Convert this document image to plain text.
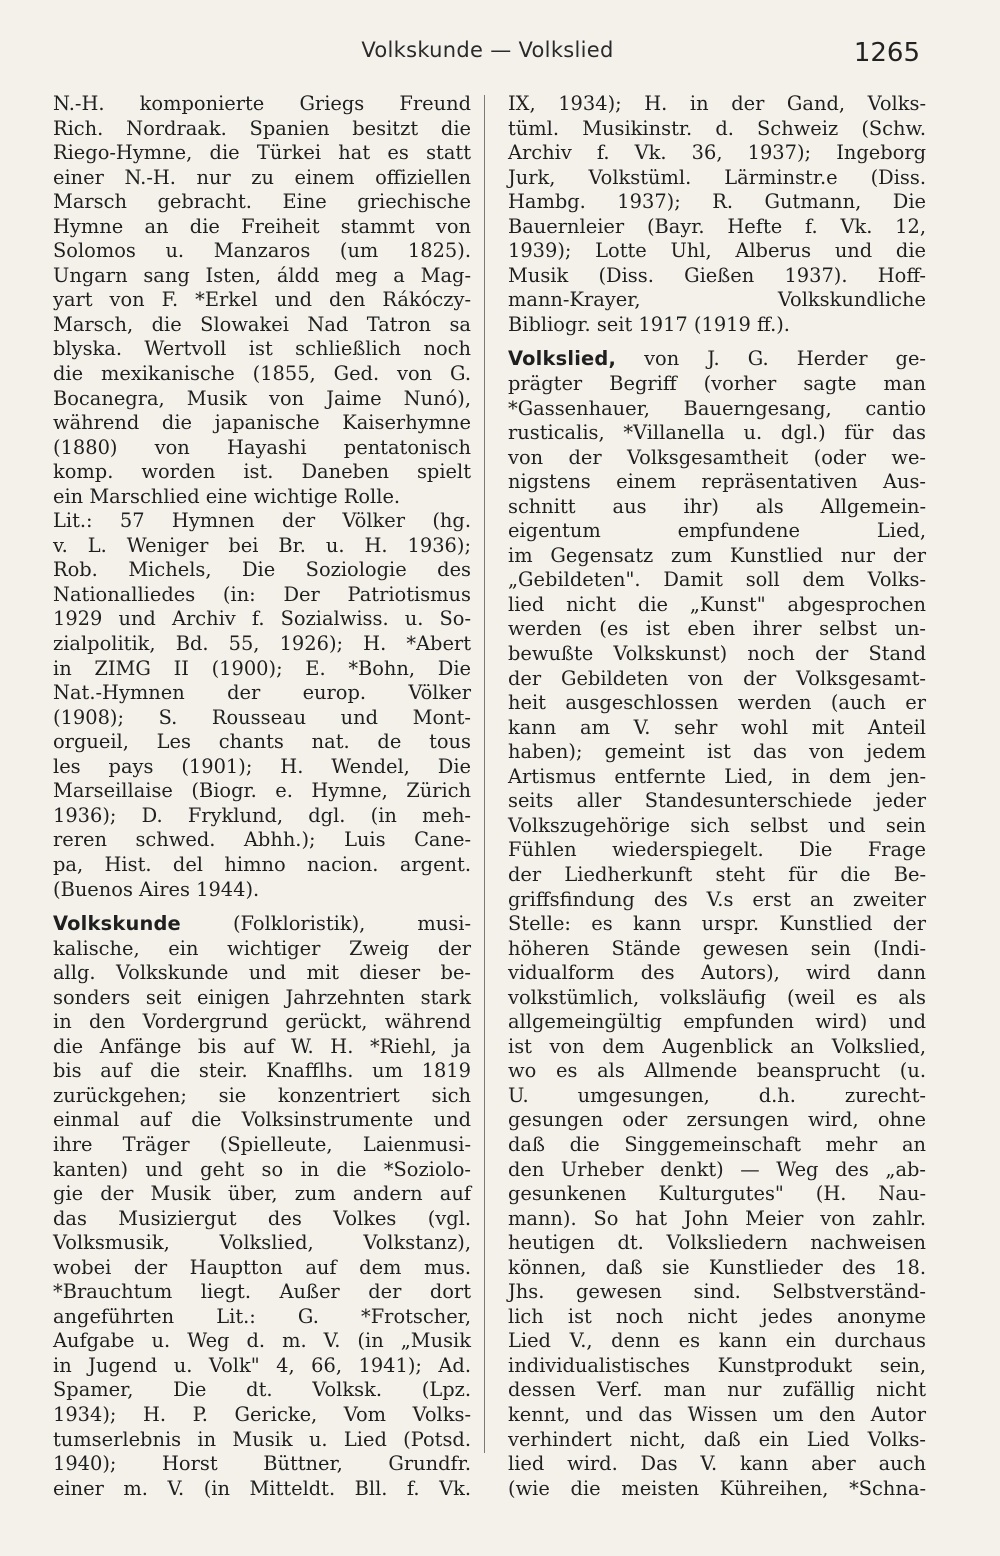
Volkskunde — Volkslied	1265
N.-H. komponierte Griegs Freund
Rich. Nordraak. Spanien besitzt die
Riego-Hymne, die Türkei hat es statt
einer N.-H. nur zu einem offiziellen
Marsch gebracht. Eine griechische
Hymne an die Freiheit stammt von
Solomos u. Manzaros (um 1825).
Ungarn sang Isten, áldd meg a Mag-
yart von F. *Erkel und den Rákóczy-
Marsch, die Slowakei Nad Tatron sa
blyska. Wertvoll ist schließlich noch
die mexikanische (1855, Ged. von G.
Bocanegra, Musik von Jaime Nunó),
während die japanische Kaiserhymne
(1880) von Hayashi pentatonisch
komp. worden ist. Daneben spielt
ein Marschlied eine wichtige Rolle.
Lit.: 57 Hymnen der Völker (hg.
v. L. Weniger bei Br. u. H. 1936);
Rob. Michels, Die Soziologie des
Nationalliedes (in: Der Patriotismus
1929 und Archiv f. Sozialwiss. u. So-
zialpolitik, Bd. 55, 1926); H. *Abert
in ZIMG II (1900); E. *Bohn, Die
Nat.-Hymnen der europ. Völker
(1908); S. Rousseau und Mont-
orgueil, Les chants nat. de tous
les pays (1901); H. Wendel, Die
Marseillaise (Biogr. e. Hymne, Zürich
1936); D. Fryklund, dgl. (in meh-
reren schwed. Abhh.); Luis Cane-
pa, Hist. del himno nacion. argent.
(Buenos Aires 1944).
Volkskunde (Folkloristik), musi-
kalische, ein wichtiger Zweig der
allg. Volkskunde und mit dieser be-
sonders seit einigen Jahrzehnten stark
in den Vordergrund gerückt, während
die Anfänge bis auf W. H. *Riehl, ja
bis auf die steir. Knafflhs. um 1819
zurückgehen; sie konzentriert sich
einmal auf die Volksinstrumente und
ihre Träger (Spielleute, Laienmusi-
kanten) und geht so in die *Soziolo-
gie der Musik über, zum andern auf
das Musiziergut des Volkes (vgl.
Volksmusik, Volkslied, Volkstanz),
wobei der Hauptton auf dem mus.
*Brauchtum liegt. Außer der dort
angeführten Lit.: G. *Frotscher,
Aufgabe u. Weg d. m. V. (in „Musik
in Jugend u. Volk" 4, 66, 1941); Ad.
Spamer, Die dt. Volksk. (Lpz.
1934); H. P. Gericke, Vom Volks-
tumserlebnis in Musik u. Lied (Potsd.
1940); Horst Büttner, Grundfr.
einer m. V. (in Mitteldt. Bll. f. Vk.
IX, 1934); H. in der Gand, Volks-
tüml. Musikinstr. d. Schweiz (Schw.
Archiv f. Vk. 36, 1937); Ingeborg
Jurk, Volkstüml. Lärminstr.e (Diss.
Hambg. 1937); R. Gutmann, Die
Bauernleier (Bayr. Hefte f. Vk. 12,
1939); Lotte Uhl, Alberus und die
Musik (Diss. Gießen 1937). Hoff-
mann-Krayer, Volkskundliche
Bibliogr. seit 1917 (1919 ff.).
Volkslied, von J. G. Herder ge-
prägter Begriff (vorher sagte man
*Gassenhauer, Bauerngesang, cantio
rusticalis, *Villanella u. dgl.) für das
von der Volksgesamtheit (oder we-
nigstens einem repräsentativen Aus-
schnitt aus ihr) als Allgemein-
eigentum empfundene Lied,
im Gegensatz zum Kunstlied nur der
„Gebildeten". Damit soll dem Volks-
lied nicht die „Kunst" abgesprochen
werden (es ist eben ihrer selbst un-
bewußte Volkskunst) noch der Stand
der Gebildeten von der Volksgesamt-
heit ausgeschlossen werden (auch er
kann am V. sehr wohl mit Anteil
haben); gemeint ist das von jedem
Artismus entfernte Lied, in dem jen-
seits aller Standesunterschiede jeder
Volkszugehörige sich selbst und sein
Fühlen wiederspiegelt. Die Frage
der Liedherkunft steht für die Be-
griffsfindung des V.s erst an zweiter
Stelle: es kann urspr. Kunstlied der
höheren Stände gewesen sein (Indi-
vidualform des Autors), wird dann
volkstümlich, volksläufig (weil es als
allgemeingültig empfunden wird) und
ist von dem Augenblick an Volkslied,
wo es als Allmende beansprucht (u.
U. umgesungen, d.h. zurecht-
gesungen oder zersungen wird, ohne
daß die Singgemeinschaft mehr an
den Urheber denkt) — Weg des „ab-
gesunkenen Kulturgutes" (H. Nau-
mann). So hat John Meier von zahlr.
heutigen dt. Volksliedern nachweisen
können, daß sie Kunstlieder des 18.
Jhs. gewesen sind. Selbstverständ-
lich ist noch nicht jedes anonyme
Lied V., denn es kann ein durchaus
individualistisches Kunstprodukt sein,
dessen Verf. man nur zufällig nicht
kennt, und das Wissen um den Autor
verhindert nicht, daß ein Lied Volks-
lied wird. Das V. kann aber auch
(wie die meisten Kühreihen, *Schna-
